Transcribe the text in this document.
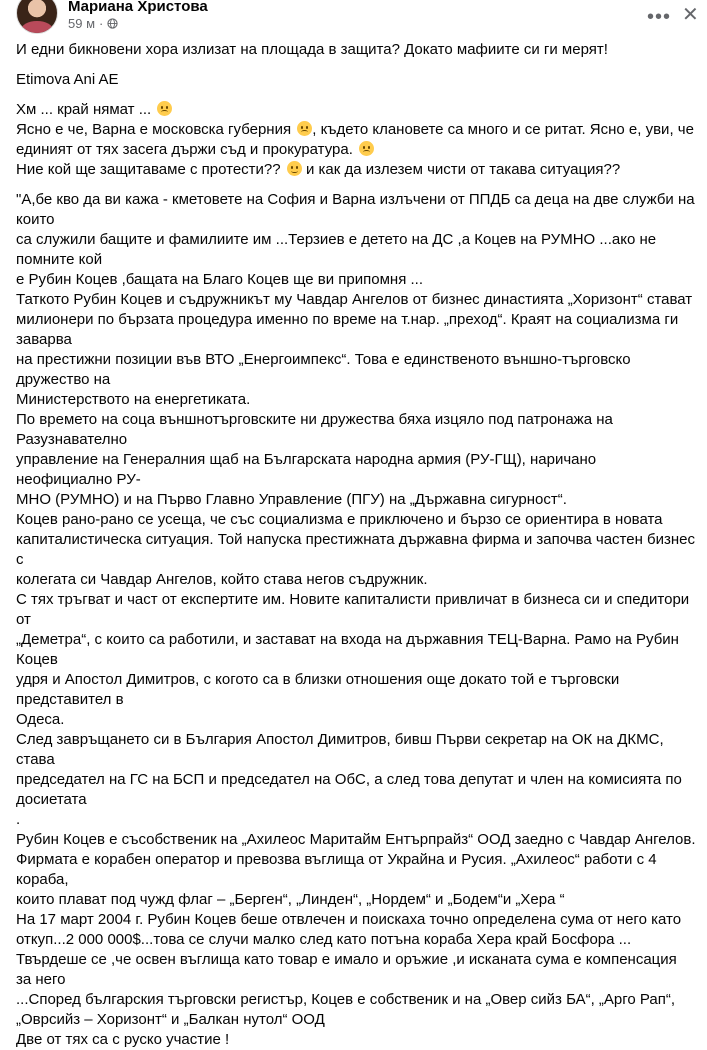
Мариана Христова
59 м ·	••• ✕

И едни бикновени хора излизат на площада в защита? Докато мафиите си ги мерят!

Etimova Ani AE

Хм ... край нямат ...

Ясно е че, Варна е московска губерния , където клановете са много и се ритат. Ясно е, уви, че

единият от тях засега държи съд и прокуратура.

Ние кой ще защитаваме с протести?? и как да излезем чисти от такава ситуация??

"А,бе кво да ви кажа - кметовете на София и Варна излъчени от ППДБ са деца на две служби на които

са служили бащите и фамилиите им ...Терзиев е детето на ДС ,а Коцев на РУМНО ...ако не помните кой

е Рубин Коцев ,бащата на Благо Коцев ще ви припомня ...

Таткото Рубин Коцев и съдружникът му Чавдар Ангелов от бизнес династията „Хоризонт“ стават

милионери по бързата процедура именно по време на т.нар. „преход“. Краят на социализма ги заварва

на престижни позиции във ВТО „Енергоимпекс“. Това е единственото външно-търговско дружество на

Министерството на енергетиката.

По времето на соца външнотърговските ни дружества бяха изцяло под патронажа на Разузнавателно

управление на Генералния щаб на Българската народна армия (РУ-ГЩ), наричано неофициално РУ-

МНО (РУМНО) и на Първо Главно Управление (ПГУ) на „Държавна сигурност“.

Коцев рано-рано се усеща, че със социализма е приключено и бързо се ориентира в новата

капиталистическа ситуация. Той напуска престижната държавна фирма и започва частен бизнес с

колегата си Чавдар Ангелов, който става негов съдружник.

С тях тръгват и част от експертите им. Новите капиталисти привличат в бизнеса си и спедитори от

„Деметра“, с които са работили, и застават на входа на държавния ТЕЦ-Варна. Рамо на Рубин Коцев

удря и Апостол Димитров, с когото са в близки отношения още докато той е търговски представител в

Одеса.

След завръщането си в България Апостол Димитров, бивш Първи секретар на ОК на ДКМС, става

председател на ГС на БСП и председател на ОбС, а след това депутат и член на комисията по досиетата

.

Рубин Коцев е съсобственик на „Ахилеос Маритайм Ентърпрайз“ ООД заедно с Чавдар Ангелов.

Фирмата е корабен оператор и превозва въглища от Украйна и Русия. „Ахилеос“ работи с 4 кораба,

които плават под чужд флаг – „Берген“, „Линден“, „Нордем“ и „Бодем“и „Хера “

На 17 март 2004 г. Рубин Коцев беше отвлечен и поискаха точно определена сума от него като

откуп...2 000 000$...това се случи малко след като потъна кораба Хера край Босфора ...

Твърдеше се ,че освен въглища като товар е имало и оръжие ,и исканата сума е компенсация за него

...Според българския търговски регистър, Коцев е собственик и на „Овер сийз БА“, „Арго Рап“,

„Оврсийз – Хоризонт“ и „Балкан нутол“ ООД

Две от тях са с руско участие !
